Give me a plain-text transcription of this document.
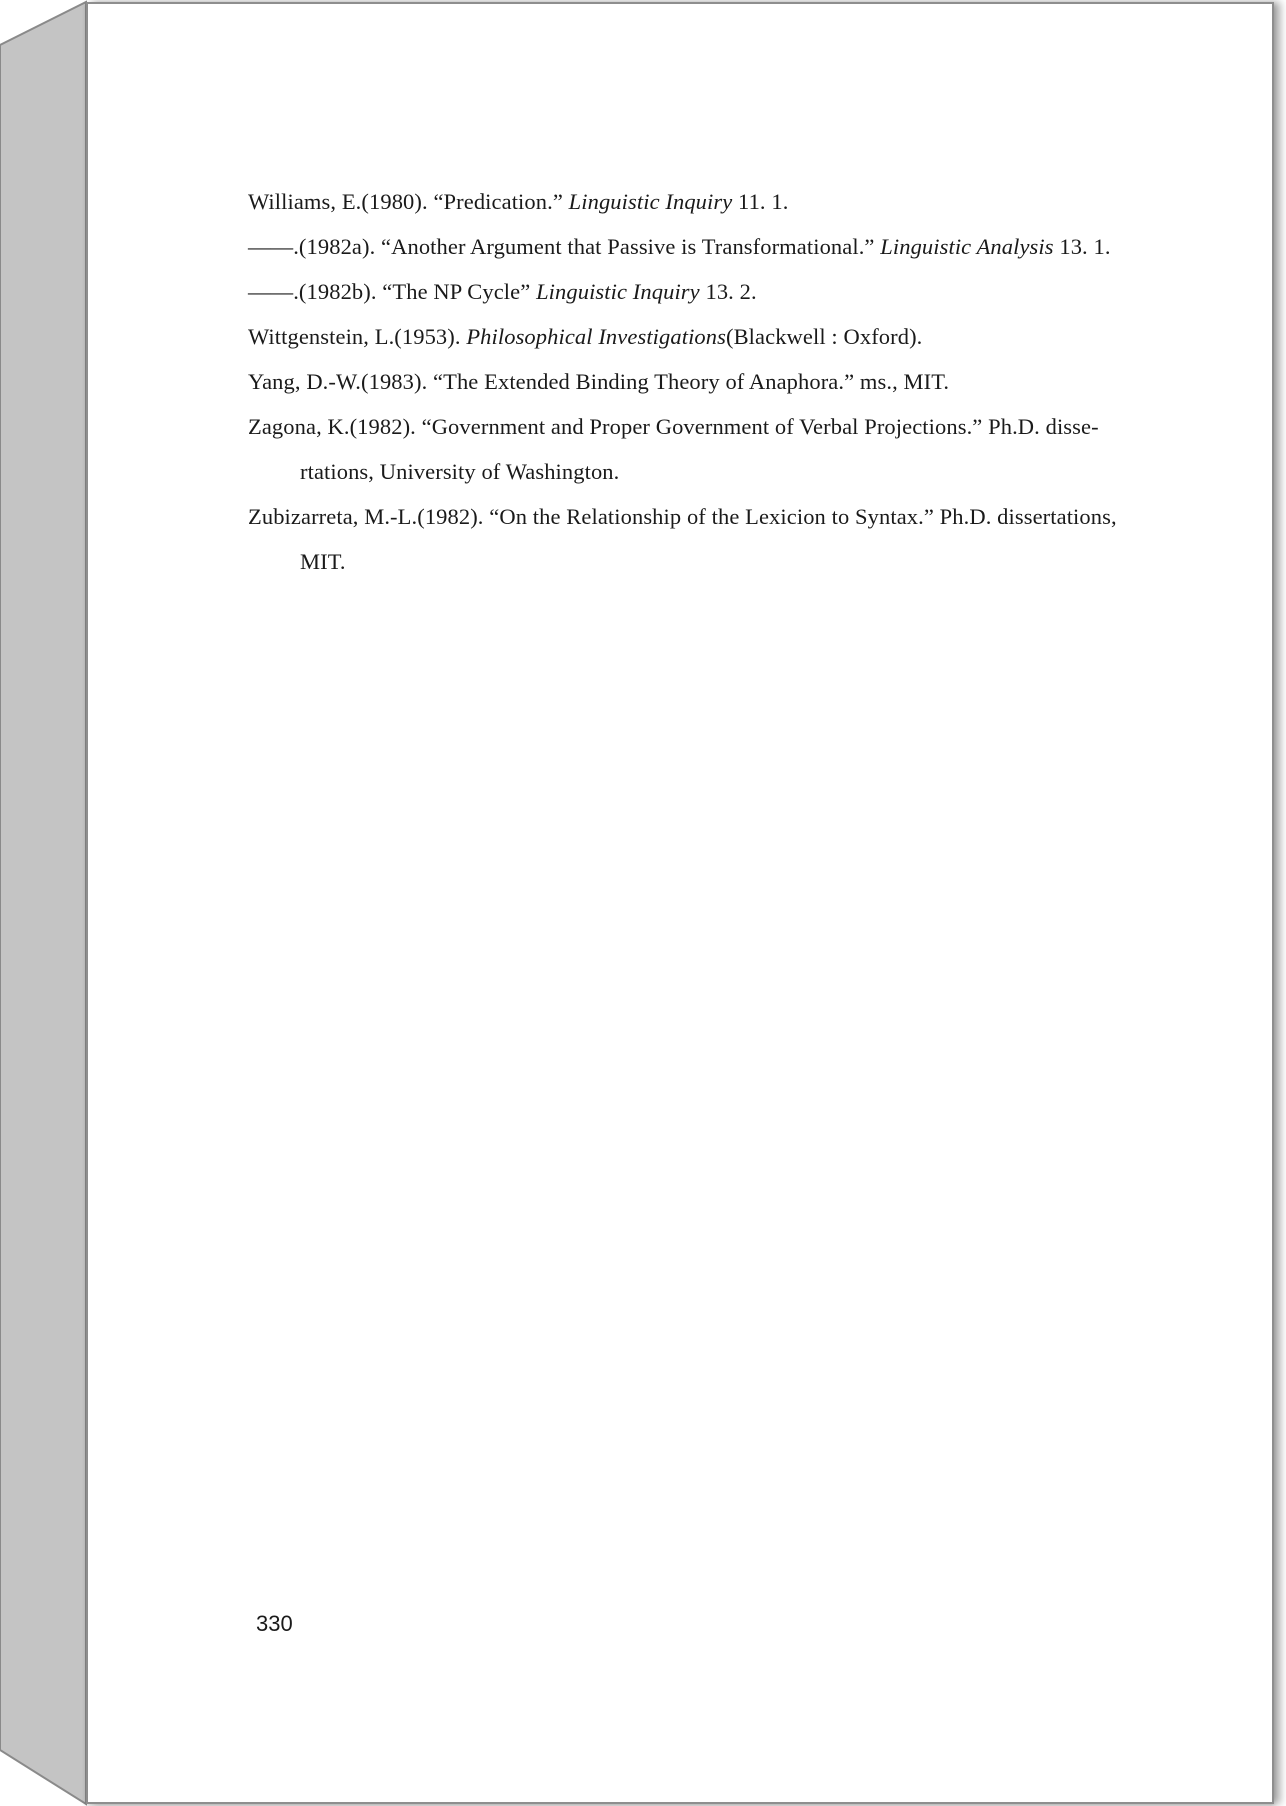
Williams, E.(1980). “Predication.” Linguistic Inquiry 11. 1.

——.(1982a). “Another Argument that Passive is Transformational.” Linguistic Analysis 13. 1.

——.(1982b). “The NP Cycle” Linguistic Inquiry 13. 2.

Wittgenstein, L.(1953). Philosophical Investigations(Blackwell : Oxford).

Yang, D.-W.(1983). “The Extended Binding Theory of Anaphora.” ms., MIT.

Zagona, K.(1982). “Government and Proper Government of Verbal Projections.” Ph.D. disse-rtations, University of Washington.

Zubizarreta, M.-L.(1982). “On the Relationship of the Lexicion to Syntax.” Ph.D. dissertations, MIT.

330
